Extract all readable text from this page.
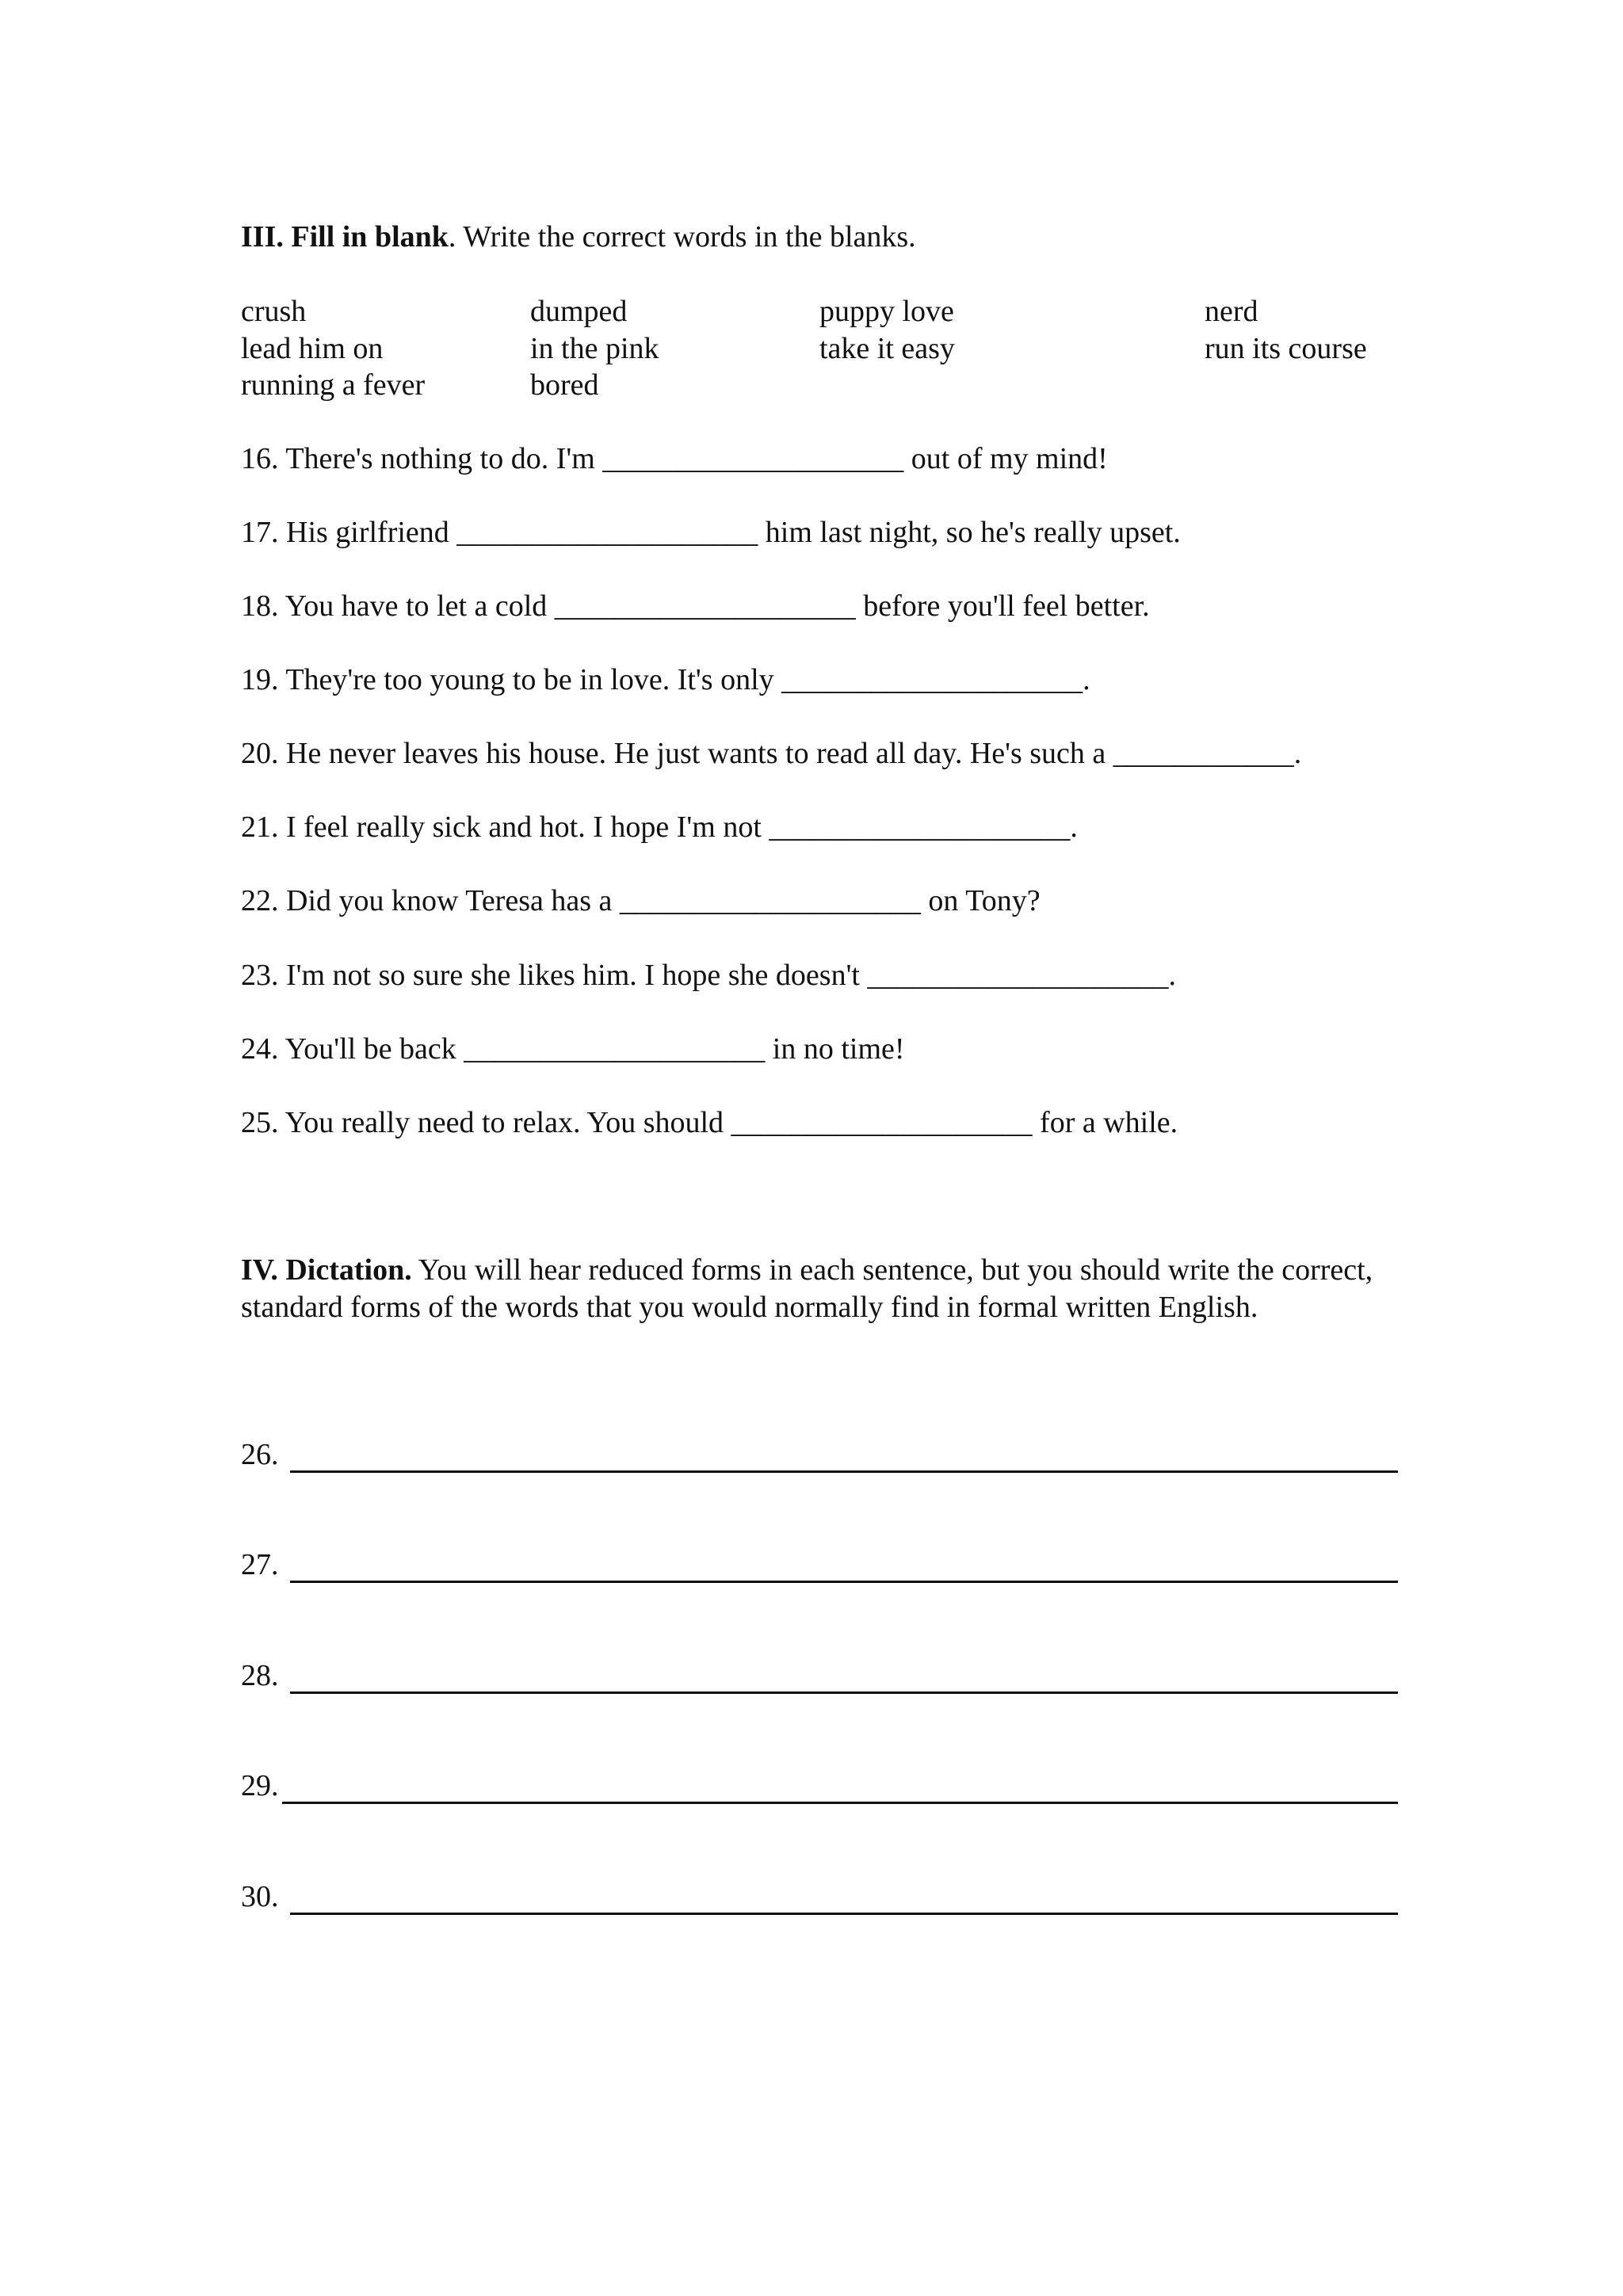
III. Fill in blank. Write the correct words in the blanks.
crush	dumped	puppy love	nerd
lead him on	in the pink	take it easy	run its course
running a fever	bored
16. There's nothing to do. I'm ____________________ out of my mind!
17. His girlfriend ____________________ him last night, so he's really upset.
18. You have to let a cold ____________________ before you'll feel better.
19. They're too young to be in love. It's only ____________________.
20. He never leaves his house. He just wants to read all day. He's such a ____________.
21. I feel really sick and hot. I hope I'm not ____________________.
22. Did you know Teresa has a ____________________ on Tony?
23. I'm not so sure she likes him. I hope she doesn't ____________________.
24. You'll be back ____________________ in no time!
25. You really need to relax. You should ____________________ for a while.
IV. Dictation. You will hear reduced forms in each sentence, but you should write the correct, standard forms of the words that you would normally find in formal written English.
26.
27.
28.
29.
30.
